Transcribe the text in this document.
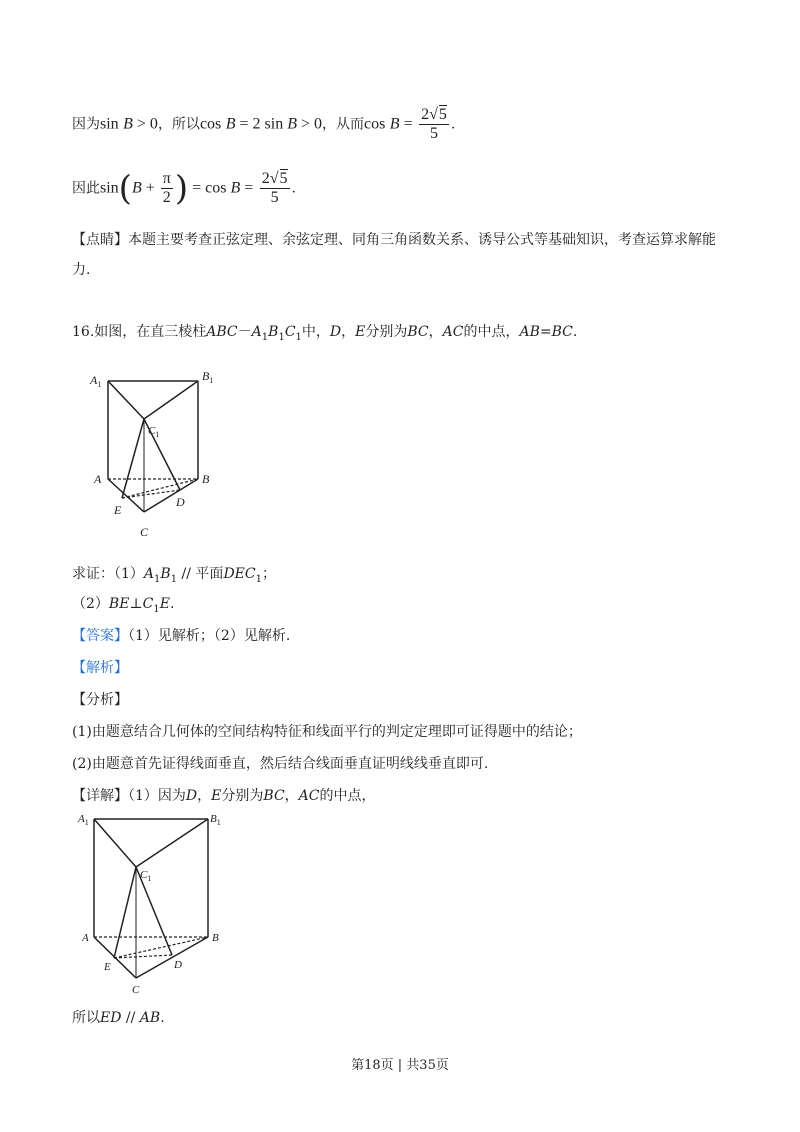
因为sin B > 0，所以cos B = 2 sin B > 0，从而$\cos B = \frac{2√5}{5}$ .
因此$\sin(B + \frac{\pi}{2}$ ) = $\cos B = \frac{2√5}{5}$ .
【点睛】本题主要考查正弦定理、余弦定理、同角三角函数关系、诱导公式等基础知识，考查运算求解能
力.
16.如图，在直三棱柱$ABC-A_1B_1C_1$中，D，E分别为BC，AC的中点，AB=BC.
$A_1$
$B_1$
$C_1$
A	B
E
D
C
求证：$(1)A_1B_1$ // 平面$DEC_1$；
$(2)BE\perp C_1E$.
【答案】（1）见解析；（2）见解析.
【解析】
【分析】
(1)由题意结合几何体的空间结构特征和线面平行的判定定理即可证得题中的结论；
(2)由题意首先证得线面垂直，然后结合线面垂直证明线线垂直即可.
【详解】（1）因为D，E分别为BC，AC的中点，
$A_1$	$B_1$
$C_1$
A	B
E	D
C
所以ED // AB.
第18页 | 共35页
